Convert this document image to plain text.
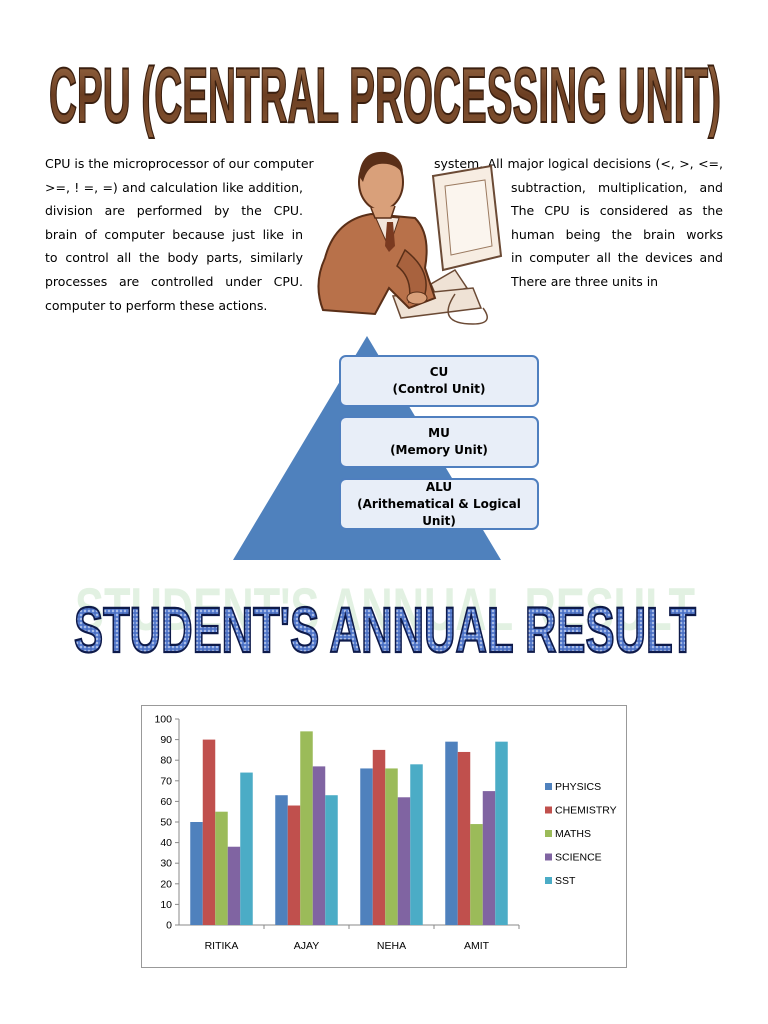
CPU (CENTRAL PROCESSING UNIT)
CPU is the microprocessor of our computer
>=, ! =, =) and calculation like addition,
division are performed by the CPU.
brain of computer because just like in
to control all the body parts, similarly
processes are controlled under CPU.
computer to perform these actions.
system. All major logical decisions (<, >, <=,
subtraction, multiplication, and
The CPU is considered as the
human being the brain works
in computer all the devices and
There are three units in
CU
(Control Unit)
MU
(Memory Unit)
ALU
(Arithematical & Logical Unit)
STUDENT'S ANNUAL RESULT
STUDENT'S ANNUAL RESULT
0
10
20
30
40
50
60
70
80
90
100
RITIKA	AJAY	NEHA	AMIT
PHYSICS
CHEMISTRY
MATHS
SCIENCE
SST
